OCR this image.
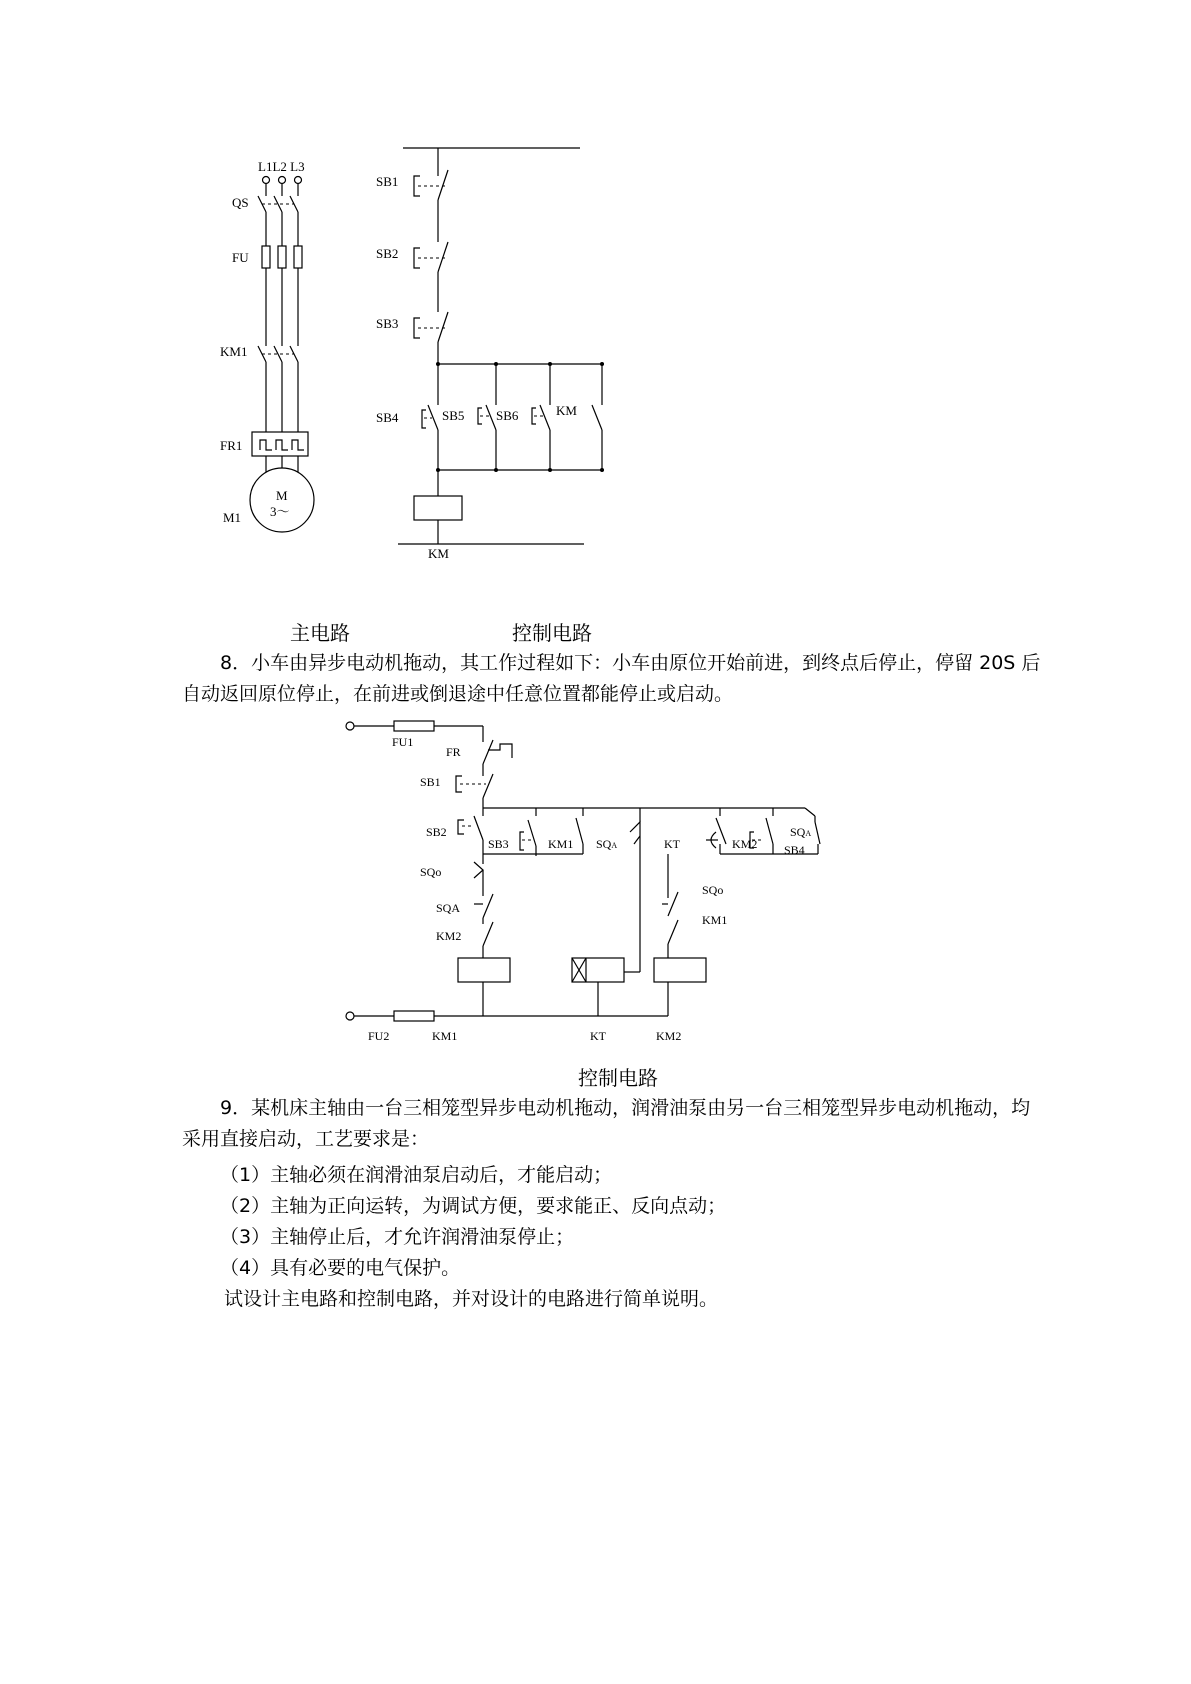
L1L2 L3
QS
FU
KM1
FR1
M
3～
M1
SB1
SB2
SB3
SB4	SB5 SB6	KM
KM
主电路	控制电路
8．小车由异步电动机拖动，其工作过程如下：小车由原位开始前进，到终点后停止，停留 20S 后自动返回原位停止，在前进或倒退途中任意位置都能停止或启动。
FU1
FR
SB1
SB2
SB3	KM1 SQA	KT	KM2
SQA
SB4
SQo
SQA
KM2
SQo
KM1
FU2	KM1	KT	KM2
控制电路
9．某机床主轴由一台三相笼型异步电动机拖动，润滑油泵由另一台三相笼型异步电动机拖动，均采用直接启动，工艺要求是：
（1）主轴必须在润滑油泵启动后，才能启动；
（2）主轴为正向运转，为调试方便，要求能正、反向点动；
（3）主轴停止后，才允许润滑油泵停止；
（4）具有必要的电气保护。
试设计主电路和控制电路，并对设计的电路进行简单说明。
